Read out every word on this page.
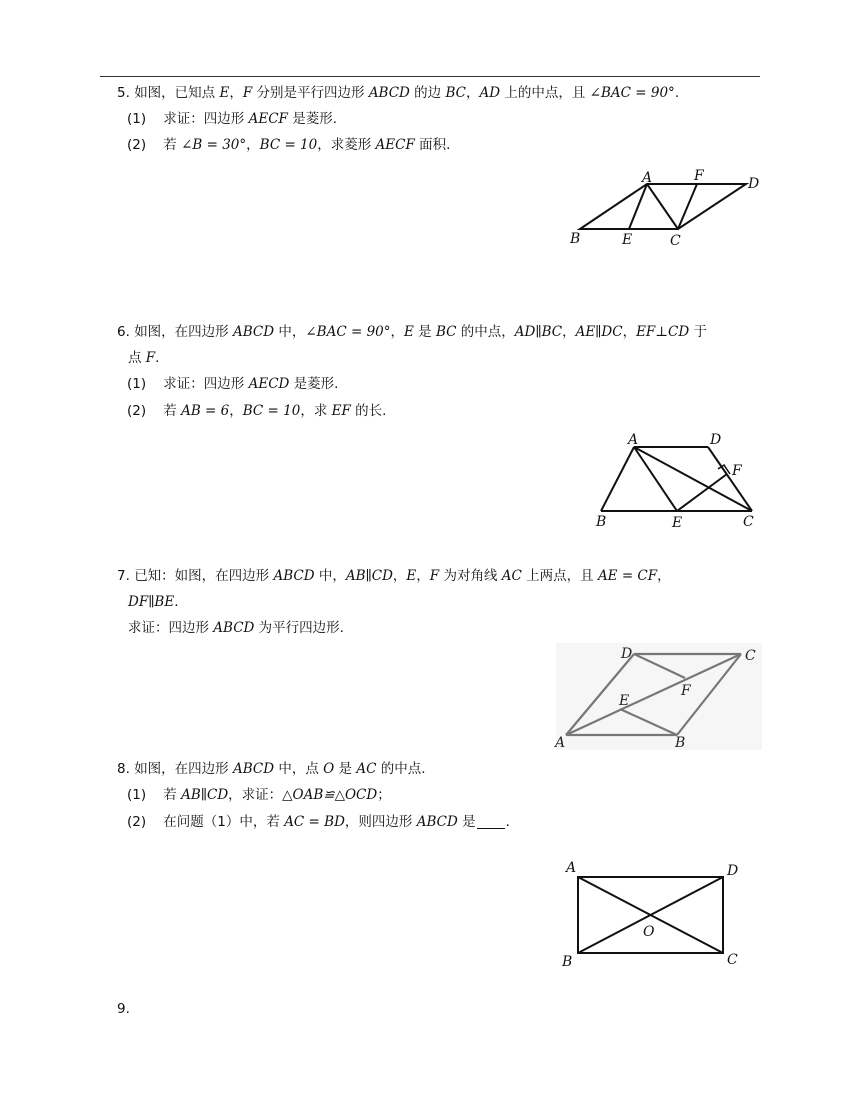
5. 如图，已知点 E，F 分别是平行四边形 ABCD 的边 BC，AD 上的中点，且 ∠BAC = 90°.
(1) 求证：四边形 AECF 是菱形.
(2) 若 ∠B = 30°，BC = 10，求菱形 AECF 面积.
A	F	D
B	E	C
6. 如图，在四边形 ABCD 中，∠BAC = 90°，E 是 BC 的中点，AD∥BC，AE∥DC，EF⊥CD 于
点 F.
(1) 求证：四边形 AECD 是菱形.
(2) 若 AB = 6，BC = 10，求 EF 的长.
A	D
F
B	E	C
7. 已知：如图，在四边形 ABCD 中，AB∥CD，E，F 为对角线 AC 上两点，且 AE = CF，
DF∥BE.
求证：四边形 ABCD 为平行四边形.
D	C
F
E
A	B
8. 如图，在四边形 ABCD 中，点 O 是 AC 的中点.
(1) 若 AB∥CD，求证：△OAB≌△OCD；
(2) 在问题（1）中，若 AC = BD，则四边形 ABCD 是 .
A	D
O
B	C
9.
